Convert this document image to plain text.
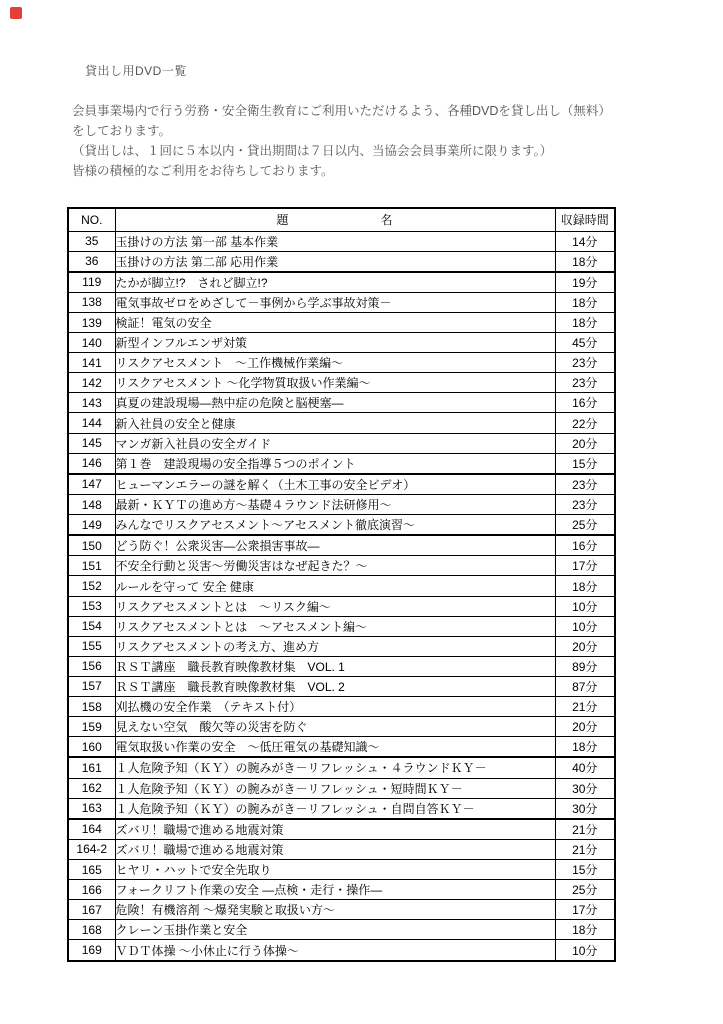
貸出し用DVD一覧
会員事業場内で行う労務・安全衛生教育にご利用いただけるよう、各種DVDを貸し出し（無料）
をしております。
（貸出しは、１回に５本以内・貸出期間は７日以内、当協会会員事業所に限ります。）
皆様の積極的なご利用をお待ちしております。
NO.	題　　　　　　　名	収録時間
35	玉掛けの方法 第一部 基本作業	14分
36	玉掛けの方法 第二部 応用作業	18分
119	たかが脚立!?　されど脚立!?	19分
138	電気事故ゼロをめざして－事例から学ぶ事故対策－	18分
139	検証！電気の安全	18分
140	新型インフルエンザ対策	45分
141	リスクアセスメント　～工作機械作業編～	23分
142	リスクアセスメント ～化学物質取扱い作業編～	23分
143	真夏の建設現場—熱中症の危険と脳梗塞—	16分
144	新入社員の安全と健康	22分
145	マンガ新入社員の安全ガイド	20分
146	第１巻　建設現場の安全指導５つのポイント	15分
147	ヒューマンエラーの謎を解く（土木工事の安全ビデオ）	23分
148	最新・ＫＹＴの進め方～基礎４ラウンド法研修用～	23分
149	みんなでリスクアセスメント～アセスメント徹底演習～	25分
150	どう防ぐ！公衆災害—公衆損害事故—	16分
151	不安全行動と災害～労働災害はなぜ起きた？～	17分
152	ルールを守って 安全 健康	18分
153	リスクアセスメントとは　～リスク編～	10分
154	リスクアセスメントとは　～アセスメント編～	10分
155	リスクアセスメントの考え方、進め方	20分
156	ＲＳＴ講座　職長教育映像教材集　VOL. 1	89分
157	ＲＳＴ講座　職長教育映像教材集　VOL. 2	87分
158	刈払機の安全作業　（テキスト付）	21分
159	見えない空気　酸欠等の災害を防ぐ	20分
160	電気取扱い作業の安全　～低圧電気の基礎知識～	18分
161	１人危険予知（ＫＹ）の腕みがき－リフレッシュ・４ラウンドＫＹ－	40分
162	１人危険予知（ＫＹ）の腕みがき－リフレッシュ・短時間ＫＹ－	30分
163	１人危険予知（ＫＹ）の腕みがき－リフレッシュ・自問自答ＫＹ－	30分
164	ズバリ！職場で進める地震対策	21分
164-2	ズバリ！職場で進める地震対策	21分
165	ヒヤリ・ハットで安全先取り	15分
166	フォークリフト作業の安全 —点検・走行・操作—	25分
167	危険！有機溶剤 ～爆発実験と取扱い方～	17分
168	クレーン玉掛作業と安全	18分
169	ＶＤＴ体操 ～小休止に行う体操～	10分
